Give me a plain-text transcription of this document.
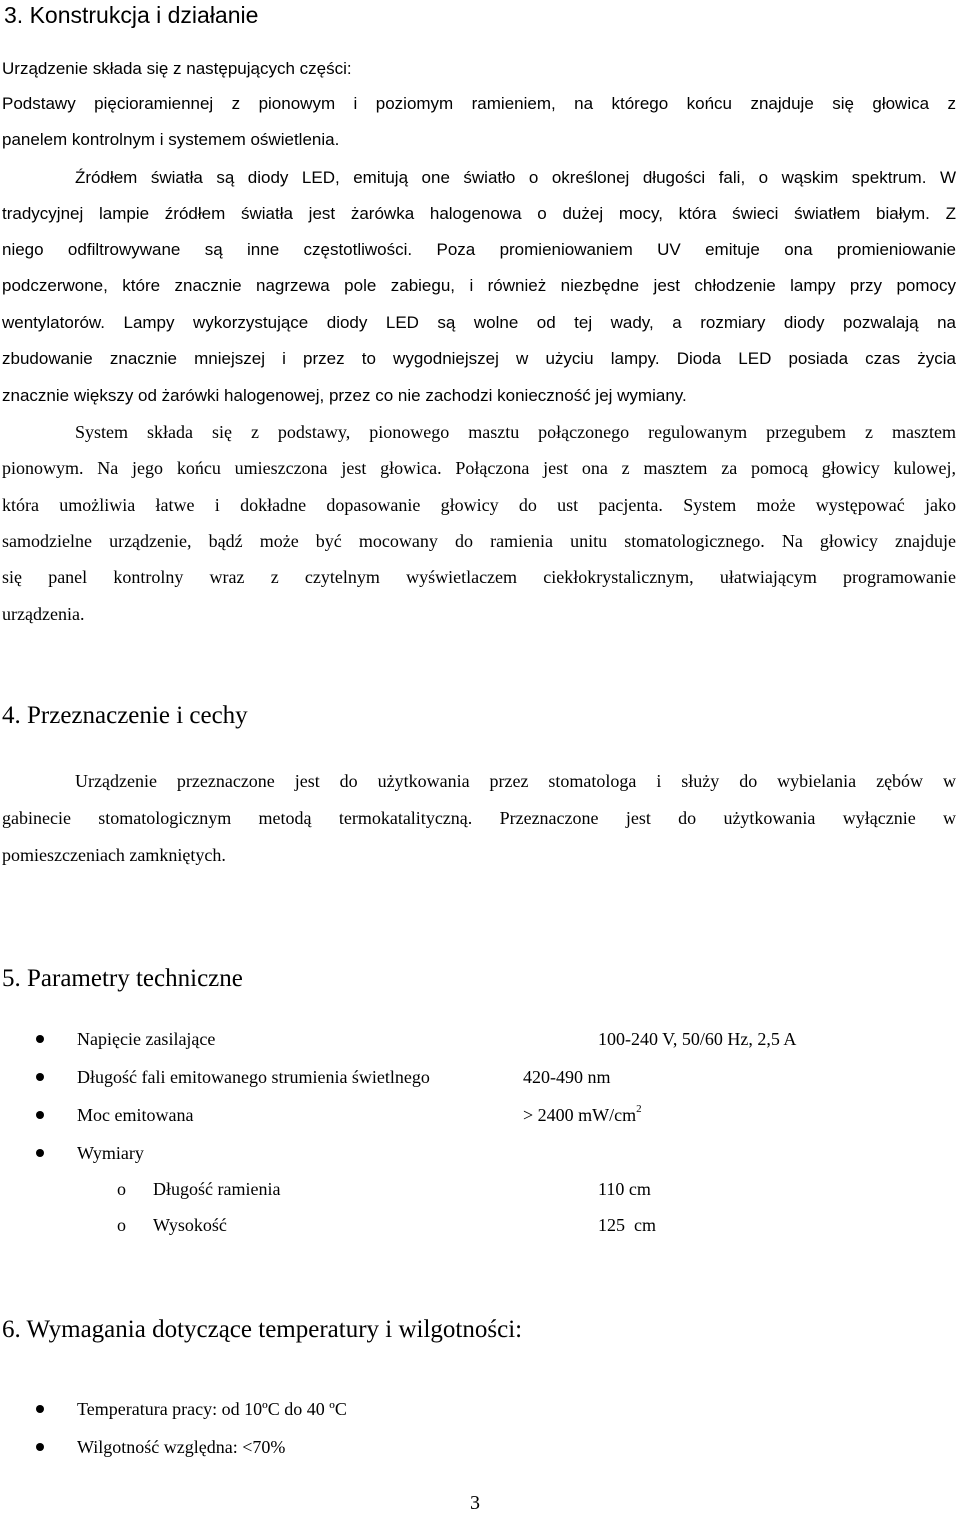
3. Konstrukcja i działanie
Urządzenie składa się z następujących części:
Podstawy pięcioramiennej z pionowym i poziomym ramieniem, na którego końcu znajduje się głowica z
panelem kontrolnym i systemem oświetlenia.
Źródłem światła są diody LED, emitują one światło o określonej długości fali, o wąskim spektrum. W
tradycyjnej lampie źródłem światła jest żarówka halogenowa o dużej mocy, która świeci światłem białym. Z
niego odfiltrowywane są inne częstotliwości. Poza promieniowaniem UV emituje ona promieniowanie
podczerwone, które znacznie nagrzewa pole zabiegu, i również niezbędne jest chłodzenie lampy przy pomocy
wentylatorów. Lampy wykorzystujące diody LED są wolne od tej wady, a rozmiary diody pozwalają na
zbudowanie znacznie mniejszej i przez to wygodniejszej w użyciu lampy. Dioda LED posiada czas życia
znacznie większy od żarówki halogenowej, przez co nie zachodzi konieczność jej wymiany.
System składa się z podstawy, pionowego masztu połączonego regulowanym przegubem z masztem
pionowym. Na jego końcu umieszczona jest głowica. Połączona jest ona z masztem za pomocą głowicy kulowej,
która umożliwia łatwe i dokładne dopasowanie głowicy do ust pacjenta. System może występować jako
samodzielne urządzenie, bądź może być mocowany do ramienia unitu stomatologicznego. Na głowicy znajduje
się panel kontrolny wraz z czytelnym wyświetlaczem ciekłokrystalicznym, ułatwiającym programowanie
urządzenia.
4. Przeznaczenie i cechy
Urządzenie przeznaczone jest do użytkowania przez stomatologa i służy do wybielania zębów w
gabinecie stomatologicznym metodą termokatalityczną. Przeznaczone jest do użytkowania wyłącznie w
pomieszczeniach zamkniętych.
5. Parametry techniczne
Napięcie zasilające	100-240 V, 50/60 Hz, 2,5 A
Długość fali emitowanego strumienia świetlnego	420-490 nm
Moc emitowana	> 2400 $mW/cm^2$
Wymiary
o Długość ramienia	110 cm
o Wysokość	125  cm
6. Wymagania dotyczące temperatury i wilgotności:
Temperatura pracy: od 10ºC do 40 ºC
Wilgotność względna: <70%
3
